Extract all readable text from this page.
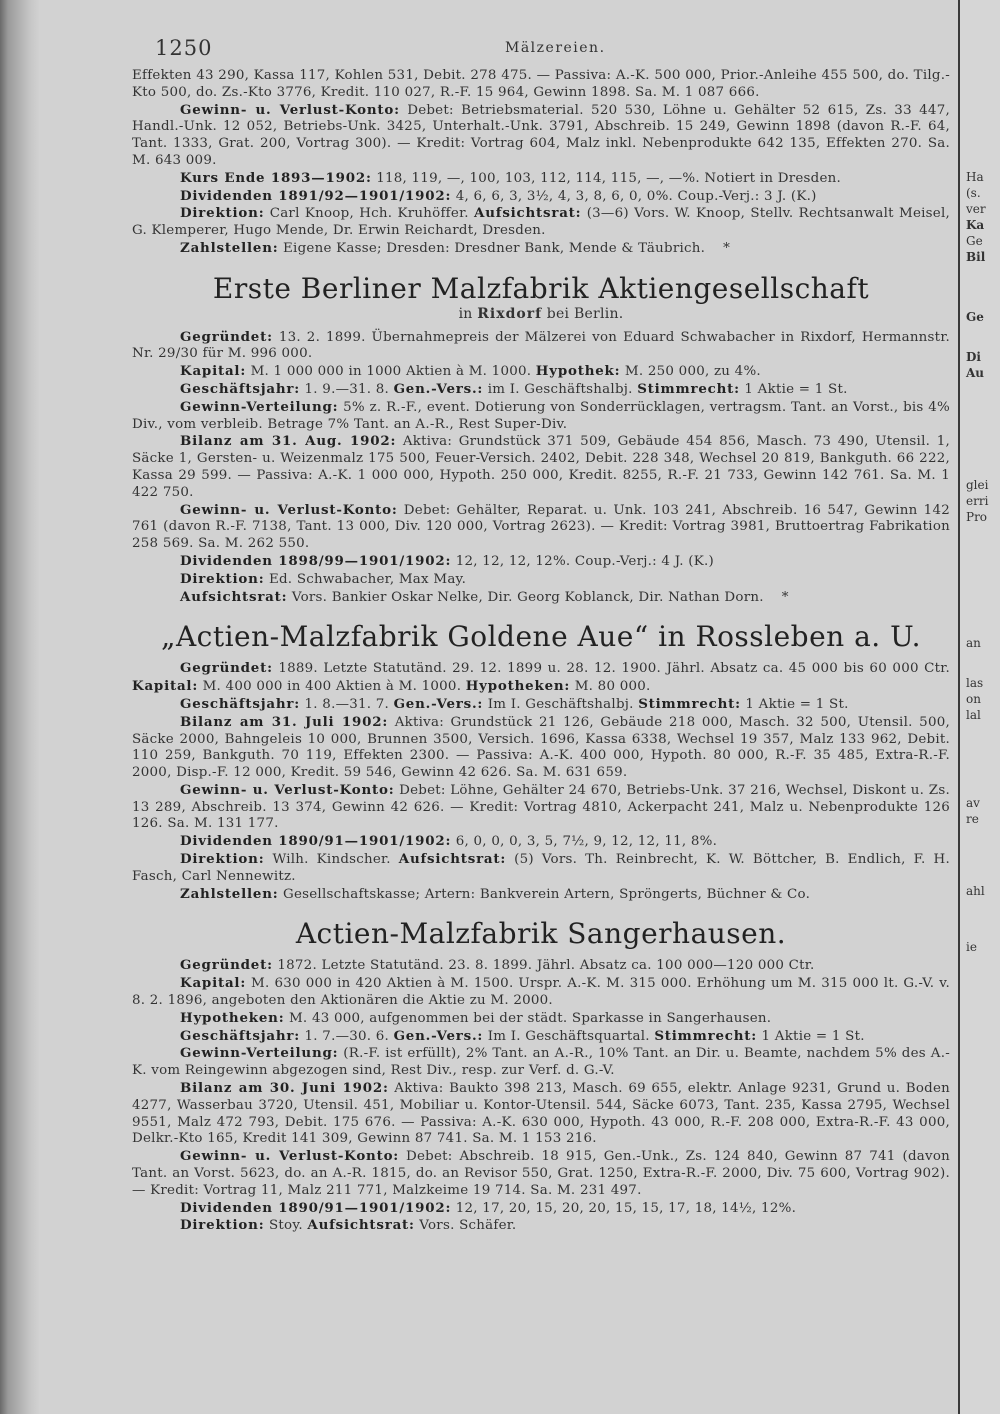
1250	Mälzereien.

Effekten 43 290, Kassa 117, Kohlen 531, Debit. 278 475. — Passiva: A.-K. 500 000, Prior.-Anleihe 455 500, do. Tilg.-Kto 500, do. Zs.-Kto 3776, Kredit. 110 027, R.-F. 15 964, Gewinn 1898. Sa. M. 1 087 666.

Gewinn- u. Verlust-Konto: Debet: Betriebsmaterial. 520 530, Löhne u. Gehälter 52 615, Zs. 33 447, Handl.-Unk. 12 052, Betriebs-Unk. 3425, Unterhalt.-Unk. 3791, Abschreib. 15 249, Gewinn 1898 (davon R.-F. 64, Tant. 1333, Grat. 200, Vortrag 300). — Kredit: Vortrag 604, Malz inkl. Nebenprodukte 642 135, Effekten 270. Sa. M. 643 009.

Kurs Ende 1893—1902: 118, 119, —, 100, 103, 112, 114, 115, —, —%. Notiert in Dresden.

Dividenden 1891/92—1901/1902: 4, 6, 6, 3, 3½, 4, 3, 8, 6, 0, 0%. Coup.-Verj.: 3 J. (K.)

Direktion: Carl Knoop, Hch. Kruhöffer. Aufsichtsrat: (3—6) Vors. W. Knoop, Stellv. Rechtsanwalt Meisel, G. Klemperer, Hugo Mende, Dr. Erwin Reichardt, Dresden.

Zahlstellen: Eigene Kasse; Dresden: Dresdner Bank, Mende & Täubrich. *

Erste Berliner Malzfabrik Aktiengesellschaft
in Rixdorf bei Berlin.

Gegründet: 13. 2. 1899. Übernahmepreis der Mälzerei von Eduard Schwabacher in Rixdorf, Hermannstr. Nr. 29/30 für M. 996 000.

Kapital: M. 1 000 000 in 1000 Aktien à M. 1000. Hypothek: M. 250 000, zu 4%.

Geschäftsjahr: 1. 9.—31. 8. Gen.-Vers.: im I. Geschäftshalbj. Stimmrecht: 1 Aktie = 1 St.

Gewinn-Verteilung: 5% z. R.-F., event. Dotierung von Sonderrücklagen, vertragsm. Tant. an Vorst., bis 4% Div., vom verbleib. Betrage 7% Tant. an A.-R., Rest Super-Div.

Bilanz am 31. Aug. 1902: Aktiva: Grundstück 371 509, Gebäude 454 856, Masch. 73 490, Utensil. 1, Säcke 1, Gersten- u. Weizenmalz 175 500, Feuer-Versich. 2402, Debit. 228 348, Wechsel 20 819, Bankguth. 66 222, Kassa 29 599. — Passiva: A.-K. 1 000 000, Hypoth. 250 000, Kredit. 8255, R.-F. 21 733, Gewinn 142 761. Sa. M. 1 422 750.

Gewinn- u. Verlust-Konto: Debet: Gehälter, Reparat. u. Unk. 103 241, Abschreib. 16 547, Gewinn 142 761 (davon R.-F. 7138, Tant. 13 000, Div. 120 000, Vortrag 2623). — Kredit: Vortrag 3981, Bruttoertrag Fabrikation 258 569. Sa. M. 262 550.

Dividenden 1898/99—1901/1902: 12, 12, 12, 12%. Coup.-Verj.: 4 J. (K.)

Direktion: Ed. Schwabacher, Max May.

Aufsichtsrat: Vors. Bankier Oskar Nelke, Dir. Georg Koblanck, Dir. Nathan Dorn. *

„Actien-Malzfabrik Goldene Aue“ in Rossleben a. U.

Gegründet: 1889. Letzte Statutänd. 29. 12. 1899 u. 28. 12. 1900. Jährl. Absatz ca. 45 000 bis 60 000 Ctr. Kapital: M. 400 000 in 400 Aktien à M. 1000. Hypotheken: M. 80 000.

Geschäftsjahr: 1. 8.—31. 7. Gen.-Vers.: Im I. Geschäftshalbj. Stimmrecht: 1 Aktie = 1 St.

Bilanz am 31. Juli 1902: Aktiva: Grundstück 21 126, Gebäude 218 000, Masch. 32 500, Utensil. 500, Säcke 2000, Bahngeleis 10 000, Brunnen 3500, Versich. 1696, Kassa 6338, Wechsel 19 357, Malz 133 962, Debit. 110 259, Bankguth. 70 119, Effekten 2300. — Passiva: A.-K. 400 000, Hypoth. 80 000, R.-F. 35 485, Extra-R.-F. 2000, Disp.-F. 12 000, Kredit. 59 546, Gewinn 42 626. Sa. M. 631 659.

Gewinn- u. Verlust-Konto: Debet: Löhne, Gehälter 24 670, Betriebs-Unk. 37 216, Wechsel, Diskont u. Zs. 13 289, Abschreib. 13 374, Gewinn 42 626. — Kredit: Vortrag 4810, Ackerpacht 241, Malz u. Nebenprodukte 126 126. Sa. M. 131 177.

Dividenden 1890/91—1901/1902: 6, 0, 0, 0, 3, 5, 7½, 9, 12, 12, 11, 8%.

Direktion: Wilh. Kindscher. Aufsichtsrat: (5) Vors. Th. Reinbrecht, K. W. Böttcher, B. Endlich, F. H. Fasch, Carl Nennewitz.

Zahlstellen: Gesellschaftskasse; Artern: Bankverein Artern, Spröngerts, Büchner & Co.

Actien-Malzfabrik Sangerhausen.

Gegründet: 1872. Letzte Statutänd. 23. 8. 1899. Jährl. Absatz ca. 100 000—120 000 Ctr.

Kapital: M. 630 000 in 420 Aktien à M. 1500. Urspr. A.-K. M. 315 000. Erhöhung um M. 315 000 lt. G.-V. v. 8. 2. 1896, angeboten den Aktionären die Aktie zu M. 2000.

Hypotheken: M. 43 000, aufgenommen bei der städt. Sparkasse in Sangerhausen.

Geschäftsjahr: 1. 7.—30. 6. Gen.-Vers.: Im I. Geschäftsquartal. Stimmrecht: 1 Aktie = 1 St.

Gewinn-Verteilung: (R.-F. ist erfüllt), 2% Tant. an A.-R., 10% Tant. an Dir. u. Beamte, nachdem 5% des A.-K. vom Reingewinn abgezogen sind, Rest Div., resp. zur Verf. d. G.-V.

Bilanz am 30. Juni 1902: Aktiva: Baukto 398 213, Masch. 69 655, elektr. Anlage 9231, Grund u. Boden 4277, Wasserbau 3720, Utensil. 451, Mobiliar u. Kontor-Utensil. 544, Säcke 6073, Tant. 235, Kassa 2795, Wechsel 9551, Malz 472 793, Debit. 175 676. — Passiva: A.-K. 630 000, Hypoth. 43 000, R.-F. 208 000, Extra-R.-F. 43 000, Delkr.-Kto 165, Kredit 141 309, Gewinn 87 741. Sa. M. 1 153 216.

Gewinn- u. Verlust-Konto: Debet: Abschreib. 18 915, Gen.-Unk., Zs. 124 840, Gewinn 87 741 (davon Tant. an Vorst. 5623, do. an A.-R. 1815, do. an Revisor 550, Grat. 1250, Extra-R.-F. 2000, Div. 75 600, Vortrag 902). — Kredit: Vortrag 11, Malz 211 771, Malzkeime 19 714. Sa. M. 231 497.

Dividenden 1890/91—1901/1902: 12, 17, 20, 15, 20, 20, 15, 15, 17, 18, 14½, 12%.

Direktion: Stoy. Aufsichtsrat: Vors. Schäfer.

Ha
(s.
ver
Ka
Ge
Bil
Ge
Di
Au
glei
erri
Pro
an
las
on
lal
av
re
ahl
ie
